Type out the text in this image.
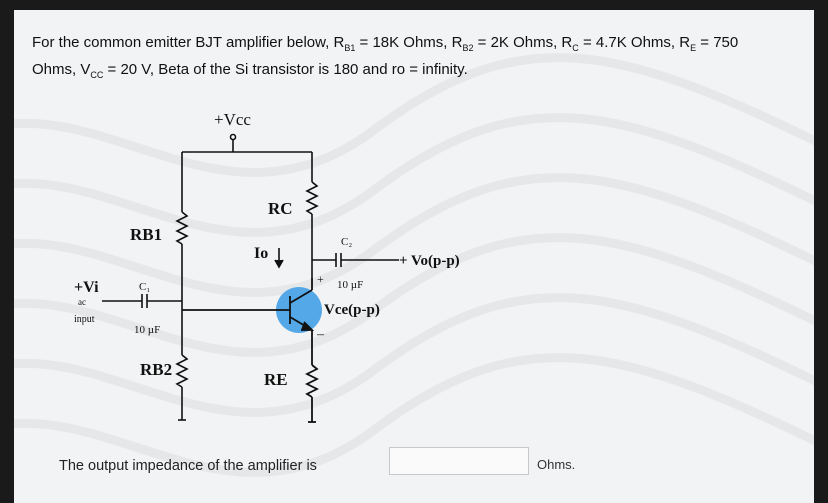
For the common emitter BJT amplifier below, $R_{B1} = 18K$ Ohms, $R_{B2} = 2K$ Ohms, $R_C = 4.7K$ Ohms, $R_E = 750$
Ohms, $V_{CC} = 20$ V, Beta of the Si transistor is 180 and ro = infinity.
+Vcc
RB1
RC
Io
C₂
+ Vo(p-p)
+ 10 µF
Vce(p-p)
–
+Vi
ac
input
C₁
10 µF
RB2
RE
The output impedance of the amplifier is	Ohms.
